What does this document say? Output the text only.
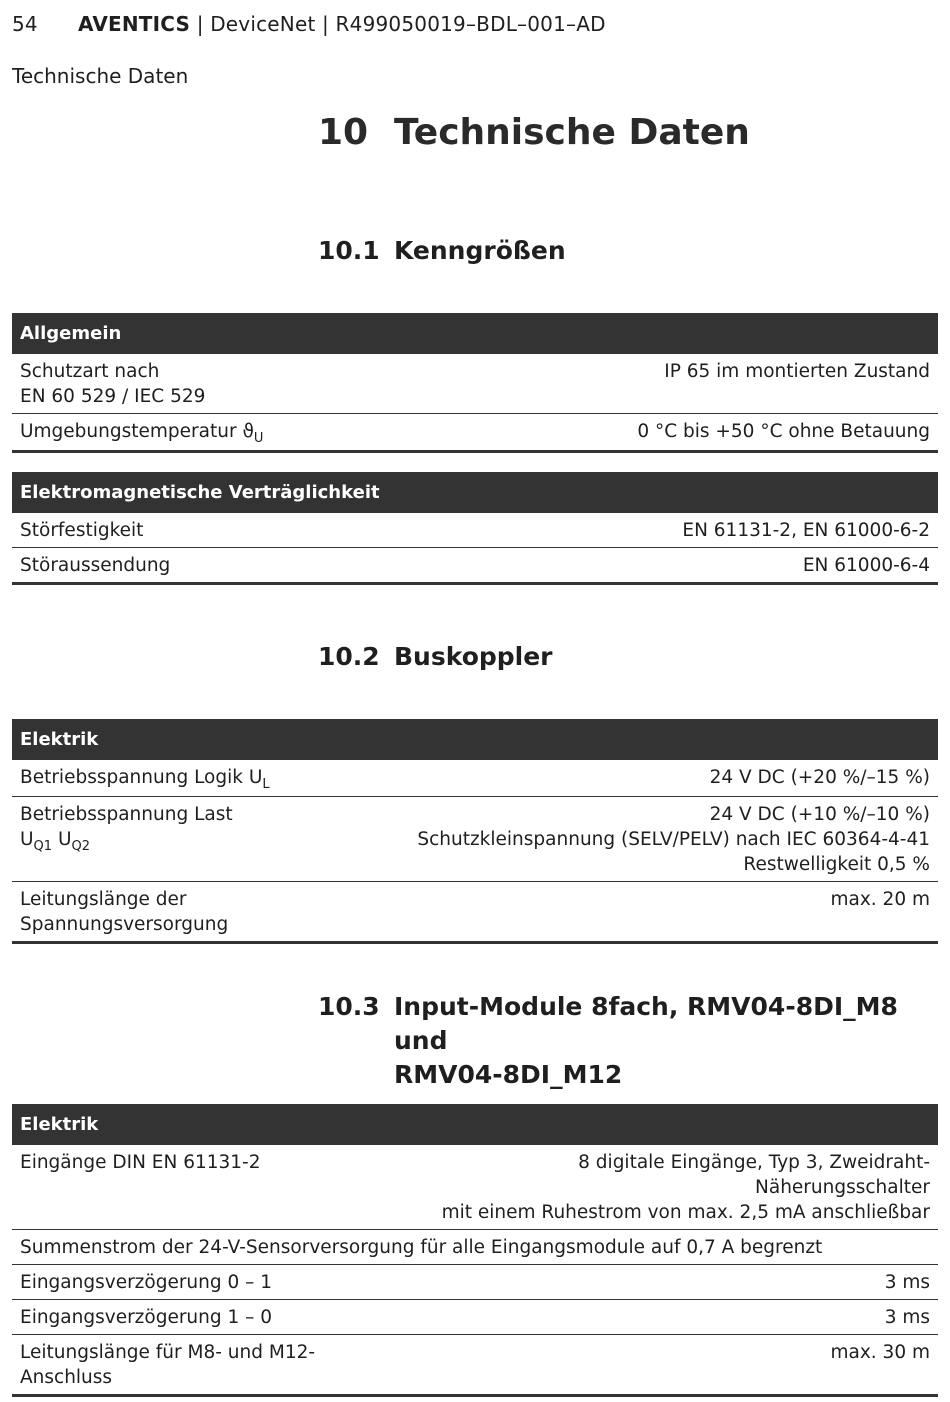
54 AVENTICS | DeviceNet | R499050019–BDL–001–AD
Technische Daten
10 Technische Daten
10.1 Kenngrößen
Allgemein	

Schutzart nach
EN 60 529 / IEC 529	IP 65 im montierten Zustand
Umgebungstemperatur $ϑ_U$	0 °C bis +50 °C ohne Betauung
Elektromagnetische Verträglichkeit	
Störfestigkeit	EN 61131-2, EN 61000-6-2
Störaussendung	EN 61000-6-4
10.2 Buskoppler
Elektrik	
Betriebsspannung Logik $U_L$	24 V DC (+20 %/–15 %)

Betriebsspannung Last
$U_{Q1}$ $U_{Q2}$	24 V DC (+10 %/–10 %)
Schutzkleinspannung (SELV/PELV) nach IEC 60364-4-41
Restwelligkeit 0,5 %

Leitungslänge der
Spannungsversorgung	max. 20 m
10.3 Input-Module 8fach, RMV04-8DI_M8 und
RMV04-8DI_M12
Elektrik	
Eingänge DIN EN 61131-2	8 digitale Eingänge, Typ 3, Zweidraht-Näherungsschalter
mit einem Ruhestrom von max. 2,5 mA anschließbar

Summenstrom der 24-V-Sensorversorgung für alle Eingangsmodule auf 0,7 A begrenzt	
Eingangsverzögerung 0 – 1	3 ms
Eingangsverzögerung 1 – 0	3 ms
Leitungslänge für M8- und M12-Anschluss	max. 30 m
